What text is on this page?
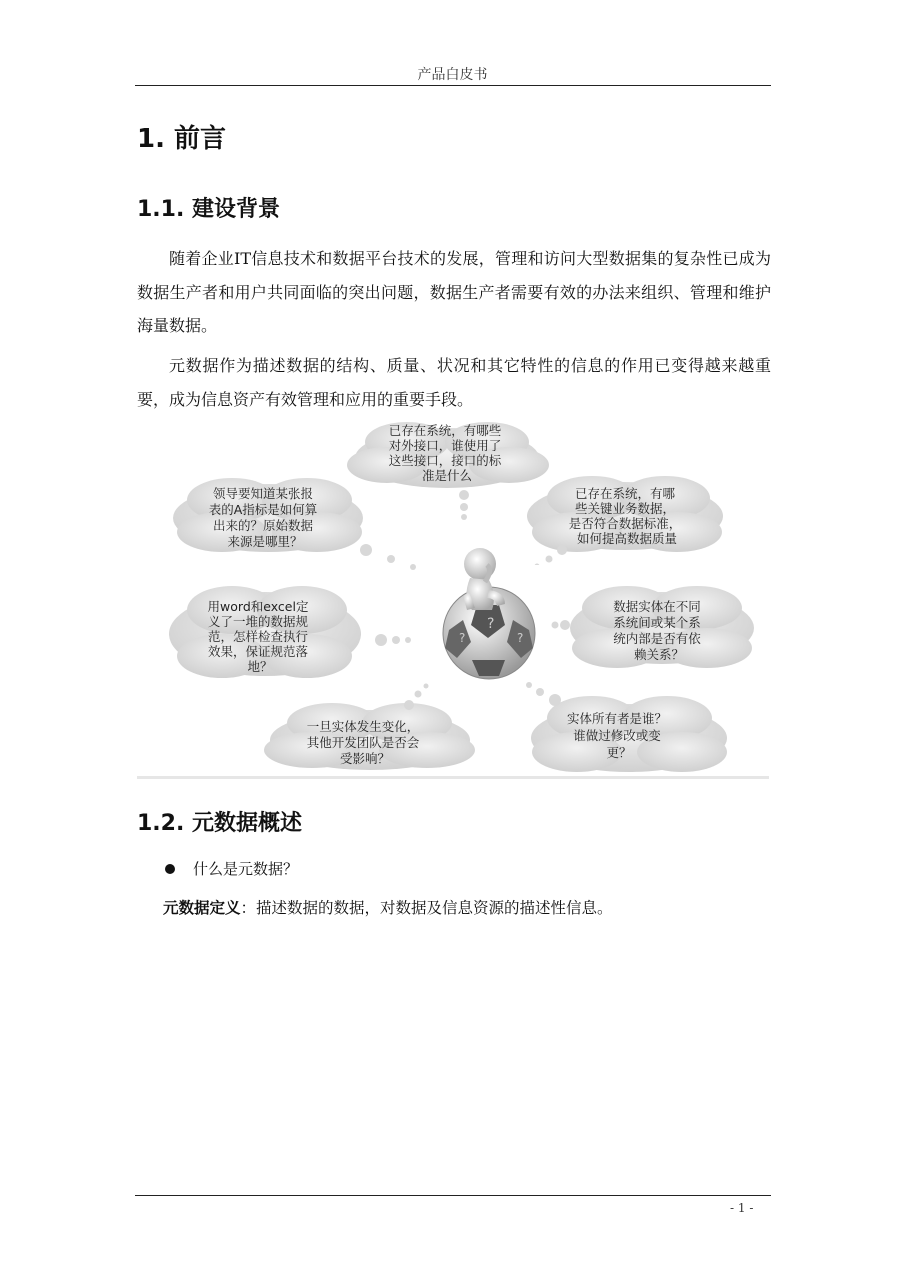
产品白皮书
1. 前言
1.1. 建设背景
随着企业IT信息技术和数据平台技术的发展，管理和访问大型数据集的复杂性已成为数据生产者和用户共同面临的突出问题，数据生产者需要有效的办法来组织、管理和维护海量数据。
元数据作为描述数据的结构、质量、状况和其它特性的信息的作用已变得越来越重要，成为信息资产有效管理和应用的重要手段。
已存在系统，有哪些 对外接口，谁使用了 这些接口，接口的标 准是什么
领导要知道某张报 表的A指标是如何算 出来的？原始数据 来源是哪里？
已存在系统，有哪 些关键业务数据， 是否符合数据标准， 如何提高数据质量
用word和excel定 义了一堆的数据规 范，怎样检查执行 效果，保证规范落 地？
数据实体在不同 系统间或某个系 统内部是否有依 赖关系？
?
?	?
一旦实体发生变化， 其他开发团队是否会 受影响？
实体所有者是谁？ 谁做过修改或变 更？
1.2. 元数据概述
什么是元数据？
元数据定义：描述数据的数据，对数据及信息资源的描述性信息。
- 1 -
